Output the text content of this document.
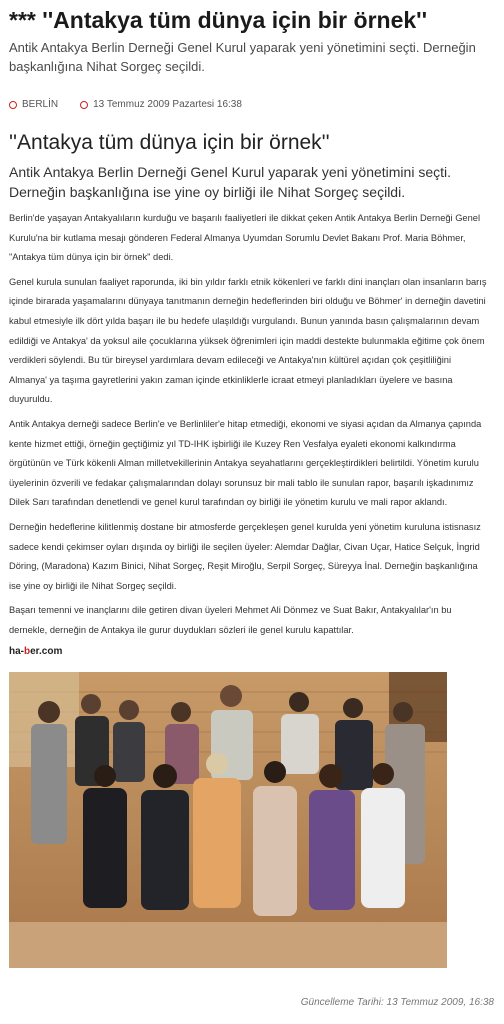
*** ''Antakya tüm dünya için bir örnek''

Antik Antakya Berlin Derneği Genel Kurul yaparak yeni yönetimini seçti. Derneğin başkanlığına Nihat Sorgeç seçildi.

BERLİN	13 Temmuz 2009 Pazartesi 16:38
''Antakya tüm dünya için bir örnek''

Antik Antakya Berlin Derneği Genel Kurul yaparak yeni yönetimini seçti. Derneğin başkanlığına ise yine oy birliği ile Nihat Sorgeç seçildi.

Berlin'de yaşayan Antakyalıların kurduğu ve başarılı faaliyetleri ile dikkat çeken Antik Antakya Berlin Derneği Genel Kurulu'na bir kutlama mesajı gönderen Federal Almanya Uyumdan Sorumlu Devlet Bakanı Prof. Maria Böhmer, "Antakya tüm dünya için bir örnek" dedi.

Genel kurula sunulan faaliyet raporunda, iki bin yıldır farklı etnik kökenleri ve farklı dini inançları olan insanların barış içinde birarada yaşamalarını dünyaya tanıtmanın derneğin hedeflerinden biri olduğu ve Böhmer' in derneğin davetini kabul etmesiyle ilk dört yılda başarı ile bu hedefe ulaşıldığı vurgulandı. Bunun yanında basın çalışmalarının devam edildiği ve Antakya' da yoksul aile çocuklarına yüksek öğrenimleri için maddi destekte bulunmakla eğitime çok önem verdikleri söylendi. Bu tür bireysel yardımlara devam edileceği ve Antakya'nın kültürel açıdan çok çeşitliliğini Almanya' ya taşıma gayretlerini yakın zaman içinde etkinliklerle icraat etmeyi planladıkları üyelere ve basına duyuruldu.

Antik Antakya derneği sadece Berlin'e ve Berlinliler'e hitap etmediği, ekonomi ve siyasi açıdan da Almanya çapında kente hizmet ettiği, örneğin geçtiğimiz yıl TD-IHK işbirliği ile Kuzey Ren Vesfalya eyaleti ekonomi kalkındırma örgütünün ve Türk kökenli Alman milletvekillerinin Antakya seyahatlarını gerçekleştirdikleri belirtildi. Yönetim kurulu üyelerinin özverili ve fedakar çalışmalarından dolayı sorunsuz bir mali tablo ile sunulan rapor, başarılı işkadınımız Dilek Sarı tarafından denetlendi ve genel kurul tarafından oy birliği ile yönetim kurulu ve mali rapor aklandı.

Derneğin hedeflerine kilitlenmiş dostane bir atmosferde gerçekleşen genel kurulda yeni yönetim kuruluna istisnasız sadece kendi çekimser oyları dışında oy birliği ile seçilen üyeler: Alemdar Dağlar, Civan Uçar, Hatice Selçuk, İngrid Döring, (Maradona) Kazım Binici, Nihat Sorgeç, Reşit Miroğlu, Serpil Sorgeç, Süreyya İnal. Derneğin başkanlığına ise yine oy birliği ile Nihat Sorgeç seçildi.

Başarı temenni ve inançlarını dile getiren divan üyeleri Mehmet Ali Dönmez ve Suat Bakır, Antakyalılar'ın bu dernekle, derneğin de Antakya ile gurur duydukları sözleri ile genel kurulu kapattılar.

ha-ber.com
Güncelleme Tarihi: 13 Temmuz 2009, 16:38
